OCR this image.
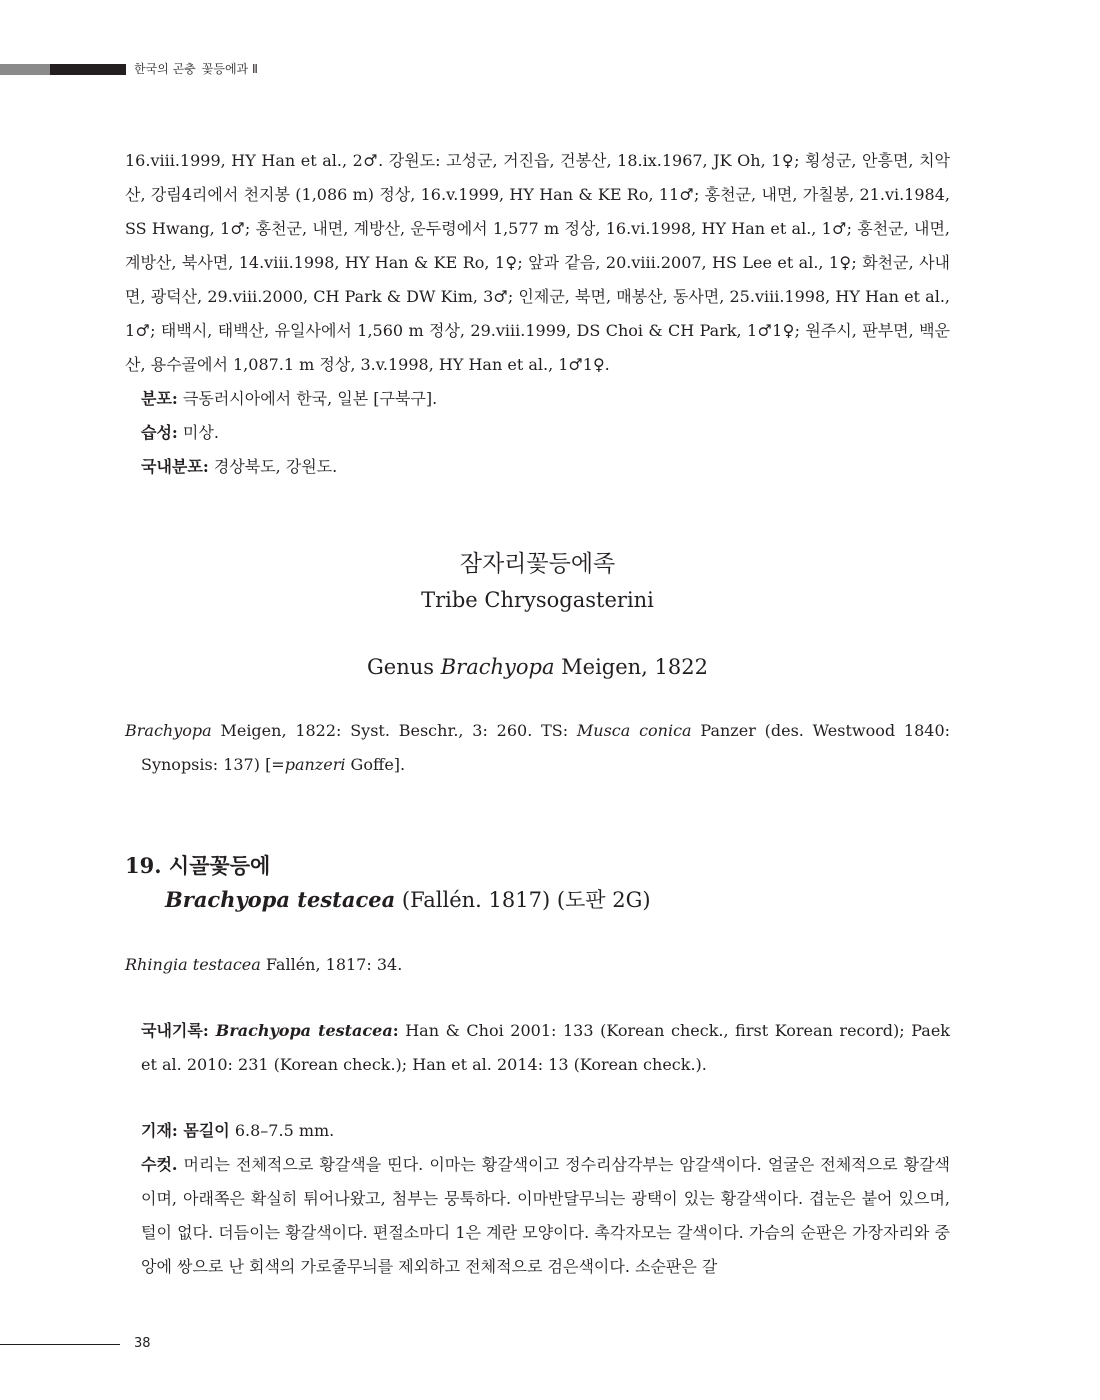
한국의 곤충 꽃등에과 Ⅱ

16.viii.1999, HY Han et al., 2♂. 강원도: 고성군, 거진읍, 건봉산, 18.ix.1967, JK Oh, 1♀; 횡성군, 안흥면, 치악산, 강림4리에서 천지봉 (1,086 m) 정상, 16.v.1999, HY Han & KE Ro, 11♂; 홍천군, 내면, 가칠봉, 21.vi.1984, SS Hwang, 1♂; 홍천군, 내면, 계방산, 운두령에서 1,577 m 정상, 16.vi.1998, HY Han et al., 1♂; 홍천군, 내면, 계방산, 북사면, 14.viii.1998, HY Han & KE Ro, 1♀; 앞과 같음, 20.viii.2007, HS Lee et al., 1♀; 화천군, 사내면, 광덕산, 29.viii.2000, CH Park & DW Kim, 3♂; 인제군, 북면, 매봉산, 동사면, 25.viii.1998, HY Han et al., 1♂; 태백시, 태백산, 유일사에서 1,560 m 정상, 29.viii.1999, DS Choi & CH Park, 1♂1♀; 원주시, 판부면, 백운산, 용수골에서 1,087.1 m 정상, 3.v.1998, HY Han et al., 1♂1♀.

분포: 극동러시아에서 한국, 일본 [구북구].

습성: 미상.

국내분포: 경상북도, 강원도.

잠자리꽃등에족
Tribe Chrysogasterini
Genus Brachyopa Meigen, 1822

Brachyopa Meigen, 1822: Syst. Beschr., 3: 260. TS: Musca conica Panzer (des. Westwood 1840: Synopsis: 137) [=panzeri Goffe].

19. 시골꽃등에
Brachyopa testacea (Fallén. 1817) (도판 2G)

Rhingia testacea Fallén, 1817: 34.

국내기록: Brachyopa testacea: Han & Choi 2001: 133 (Korean check., first Korean record); Paek et al. 2010: 231 (Korean check.); Han et al. 2014: 13 (Korean check.).

기재: 몸길이 6.8–7.5 mm.

수컷. 머리는 전체적으로 황갈색을 띤다. 이마는 황갈색이고 정수리삼각부는 암갈색이다. 얼굴은 전체적으로 황갈색이며, 아래쪽은 확실히 튀어나왔고, 첨부는 뭉툭하다. 이마반달무늬는 광택이 있는 황갈색이다. 겹눈은 붙어 있으며, 털이 없다. 더듬이는 황갈색이다. 편절소마디 1은 계란 모양이다. 촉각자모는 갈색이다. 가슴의 순판은 가장자리와 중앙에 쌍으로 난 회색의 가로줄무늬를 제외하고 전체적으로 검은색이다. 소순판은 갈

38
